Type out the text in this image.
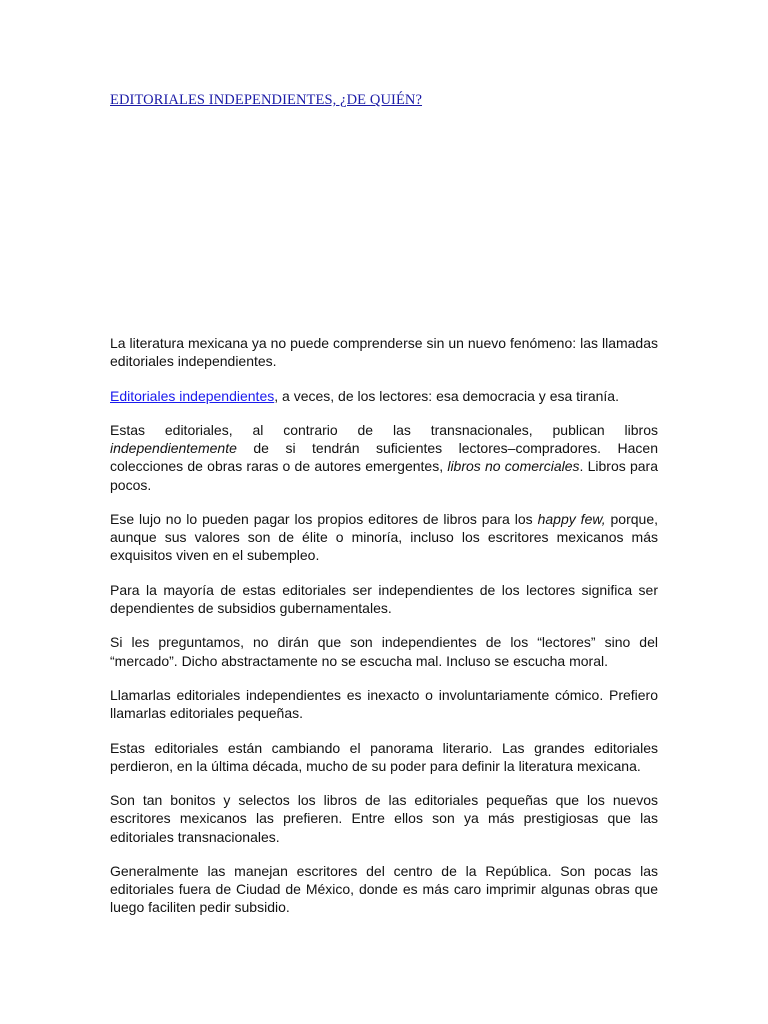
EDITORIALES INDEPENDIENTES, ¿DE QUIÉN?

La literatura mexicana ya no puede comprenderse sin un nuevo fenómeno: las llamadas editoriales independientes.

Editoriales independientes, a veces, de los lectores: esa democracia y esa tiranía.

Estas editoriales, al contrario de las transnacionales, publican libros independientemente de si tendrán suficientes lectores–compradores. Hacen colecciones de obras raras o de autores emergentes, libros no comerciales. Libros para pocos.

Ese lujo no lo pueden pagar los propios editores de libros para los happy few, porque, aunque sus valores son de élite o minoría, incluso los escritores mexicanos más exquisitos viven en el subempleo.

Para la mayoría de estas editoriales ser independientes de los lectores significa ser dependientes de subsidios gubernamentales.

Si les preguntamos, no dirán que son independientes de los “lectores” sino del “mercado”. Dicho abstractamente no se escucha mal. Incluso se escucha moral.

Llamarlas editoriales independientes es inexacto o involuntariamente cómico. Prefiero llamarlas editoriales pequeñas.

Estas editoriales están cambiando el panorama literario. Las grandes editoriales perdieron, en la última década, mucho de su poder para definir la literatura mexicana.

Son tan bonitos y selectos los libros de las editoriales pequeñas que los nuevos escritores mexicanos las prefieren. Entre ellos son ya más prestigiosas que las editoriales transnacionales.

Generalmente las manejan escritores del centro de la República. Son pocas las editoriales fuera de Ciudad de México, donde es más caro imprimir algunas obras que luego faciliten pedir subsidio.
